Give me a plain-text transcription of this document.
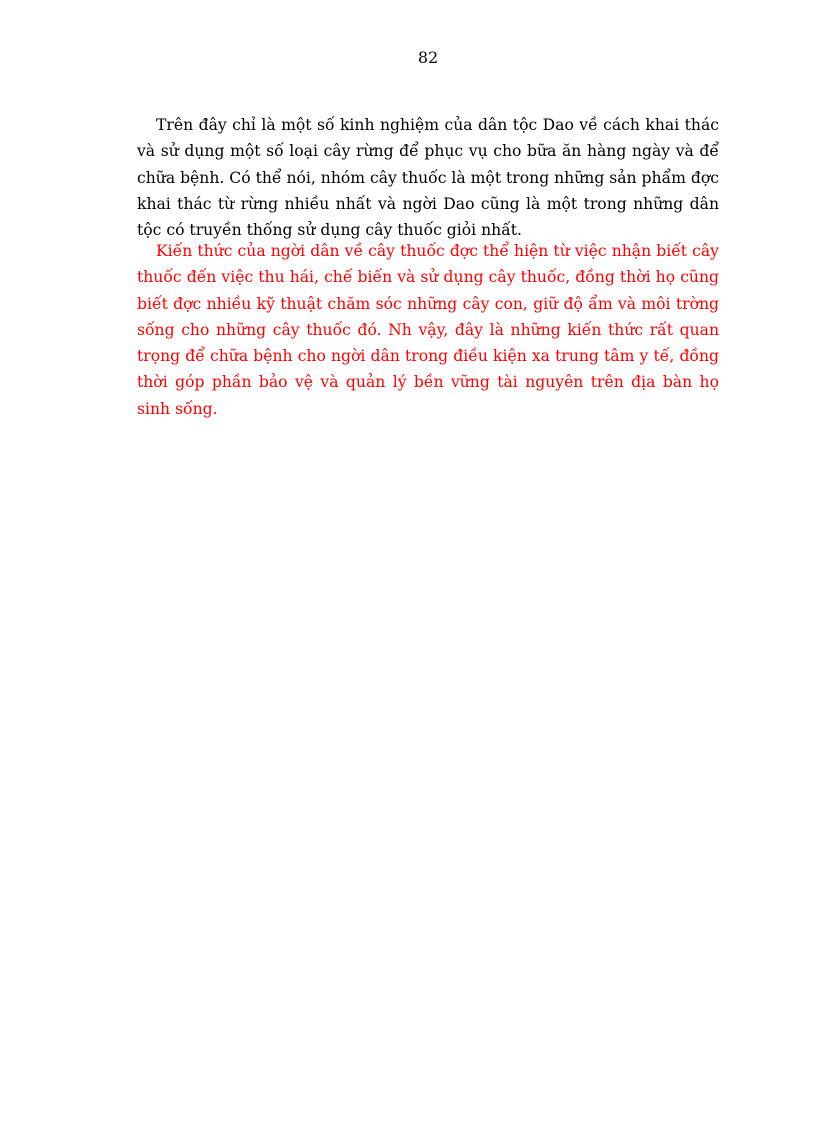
82

Trên đây chỉ là một số kinh nghiệm của dân tộc Dao về cách khai thác và sử dụng một số loại cây rừng để phục vụ cho bữa ăn hàng ngày và để chữa bệnh. Có thể nói, nhóm cây thuốc là một trong những sản phẩm đợc khai thác từ rừng nhiều nhất và ngời Dao cũng là một trong những dân tộc có truyền thống sử dụng cây thuốc giỏi nhất.

Kiến thức của ngời dân về cây thuốc đợc thể hiện từ việc nhận biết cây thuốc đến việc thu hái, chế biến và sử dụng cây thuốc, đồng thời họ cũng biết đợc nhiều kỹ thuật chăm sóc những cây con, giữ độ ẩm và môi trờng sống cho những cây thuốc đó. Nh vậy, đây là những kiến thức rất quan trọng để chữa bệnh cho ngời dân trong điều kiện xa trung tâm y tế, đồng thời góp phần bảo vệ và quản lý bền vững tài nguyên trên địa bàn họ sinh sống.
